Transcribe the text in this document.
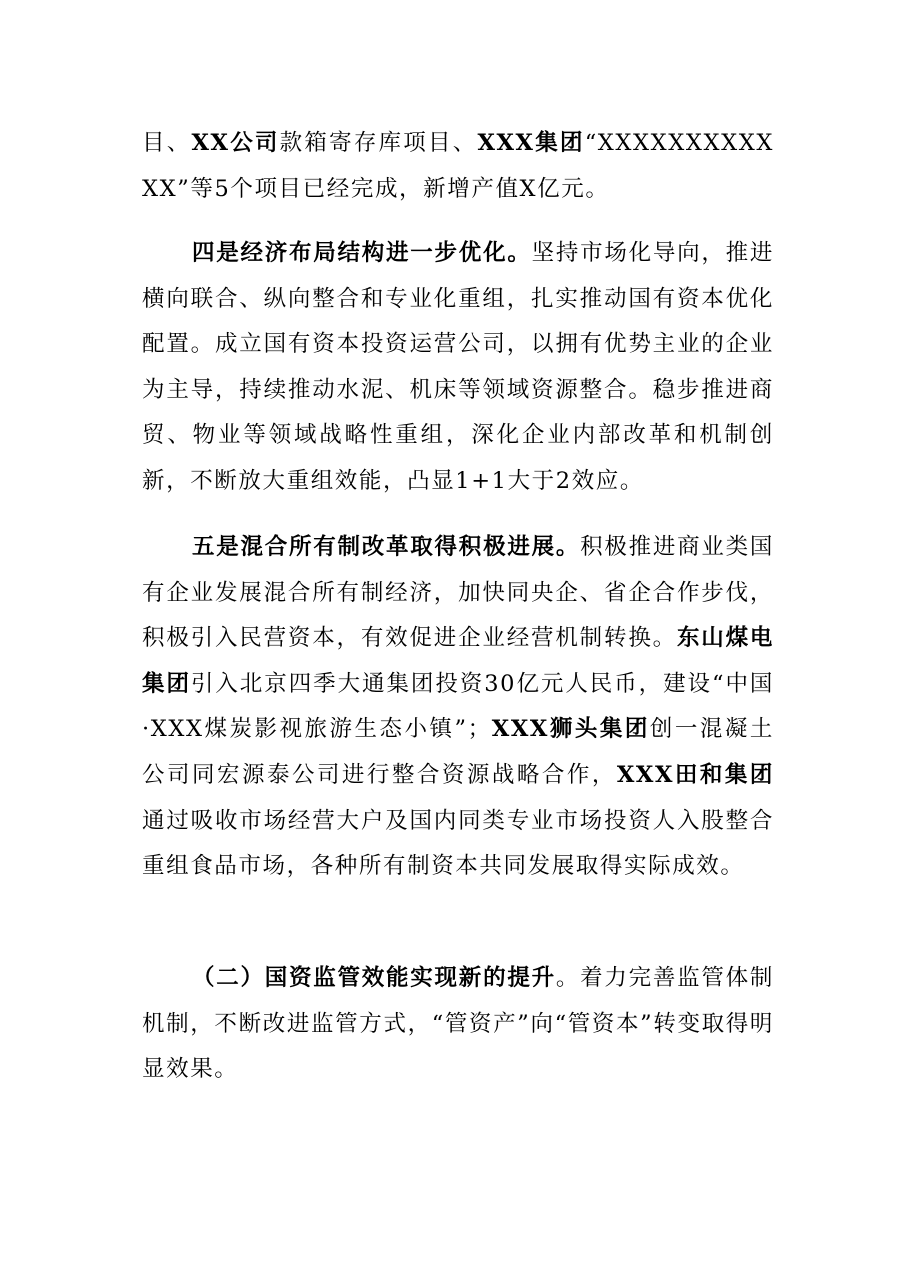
目、XX公司款箱寄存库项目、XXX集团“XXXXXXXXXXXX”等5个项目已经完成，新增产值X亿元。

四是经济布局结构进一步优化。坚持市场化导向，推进横向联合、纵向整合和专业化重组，扎实推动国有资本优化配置。成立国有资本投资运营公司，以拥有优势主业的企业为主导，持续推动水泥、机床等领域资源整合。稳步推进商贸、物业等领域战略性重组，深化企业内部改革和机制创新，不断放大重组效能，凸显1+1大于2效应。

五是混合所有制改革取得积极进展。积极推进商业类国有企业发展混合所有制经济，加快同央企、省企合作步伐，积极引入民营资本，有效促进企业经营机制转换。东山煤电集团引入北京四季大通集团投资30亿元人民币，建设“中国·XXX煤炭影视旅游生态小镇”；XXX狮头集团创一混凝土公司同宏源泰公司进行整合资源战略合作，XXX田和集团通过吸收市场经营大户及国内同类专业市场投资人入股整合重组食品市场，各种所有制资本共同发展取得实际成效。

（二）国资监管效能实现新的提升。着力完善监管体制机制，不断改进监管方式，“管资产”向“管资本”转变取得明显效果。
